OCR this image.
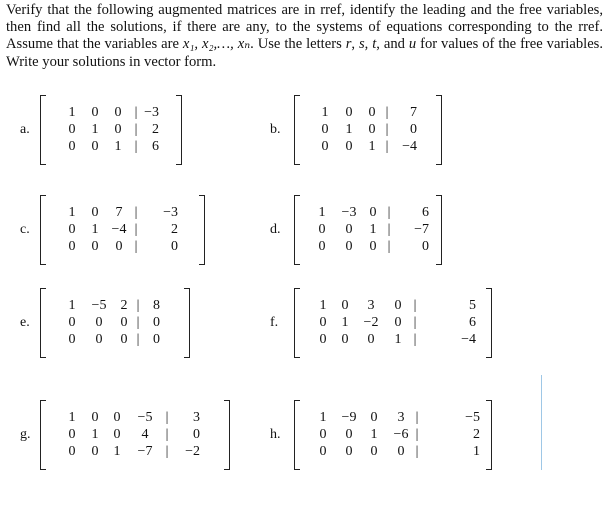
Verify that the following augmented matrices are in rref, identify the leading and the free variables, then find all the solutions, if there are any, to the systems of equations corresponding to the rref. Assume that the variables are x₁, x₂,…, xₙ. Use the letters r, s, t, and u for values of the free variables. Write your solutions in vector form.
a.
1 0 0 | −3
0 1 0 | 2
0 0 1 | 6
b.
1 0 0 | 7
0 1 0 | 0
0 0 1 | −4
c.
1 0 7 | −3
0 1 −4 | 2
0 0 0 | 0
d.
1 −3 0 | 6
0 0 1 | −7
0 0 0 | 0
e.
1 −5 2 | 8
0 0 0 | 0
0 0 0 | 0
f.
1 0 3 0 |	5
0 1 −2 0 |	6
0 0 0 1 |	−4
g.
1 0 0 −5 | 3
0 1 0 4 | 0
0 0 1 −7 | −2
h.
1 −9 0 3 |	−5
0 0 1 −6 |	2
0 0 0 0 |	1
